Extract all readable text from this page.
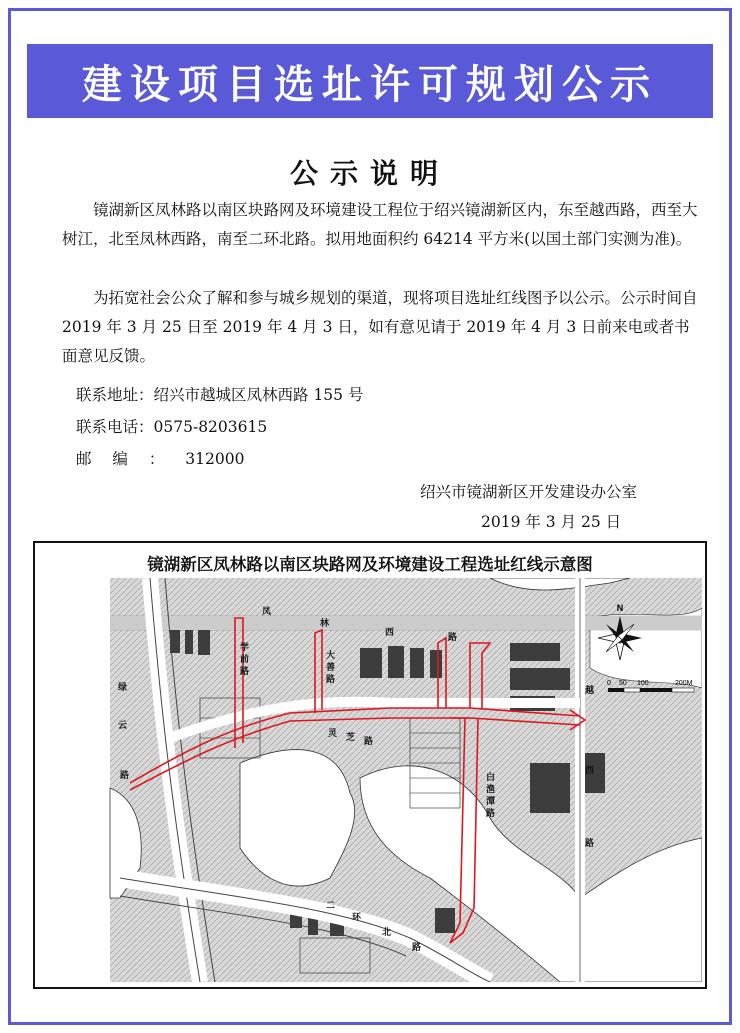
建设项目选址许可规划公示
公示说明

镜湖新区凤林路以南区块路网及环境建设工程位于绍兴镜湖新区内，东至越西路，西至大树江，北至凤林西路，南至二环北路。拟用地面积约 64214 平方米(以国土部门实测为准)。

为拓宽社会公众了解和参与城乡规划的渠道，现将项目选址红线图予以公示。公示时间自 2019 年 3 月 25 日至 2019 年 4 月 3 日，如有意见请于 2019 年 4 月 3 日前来电或者书面意见反馈。

联系地址：绍兴市越城区凤林西路 155 号
联系电话：0575-8203615
邮编：312000
绍兴市镜湖新区开发建设办公室
2019 年 3 月 25 日
镜湖新区凤林路以南区块路网及环境建设工程选址红线示意图
N
0 50 100	200M
凤
林
西	路
学
前
路
大
善
路
灵 芝 路
白
渔
潭
路
越
西
路
绿
云
路
二
环
北
路
